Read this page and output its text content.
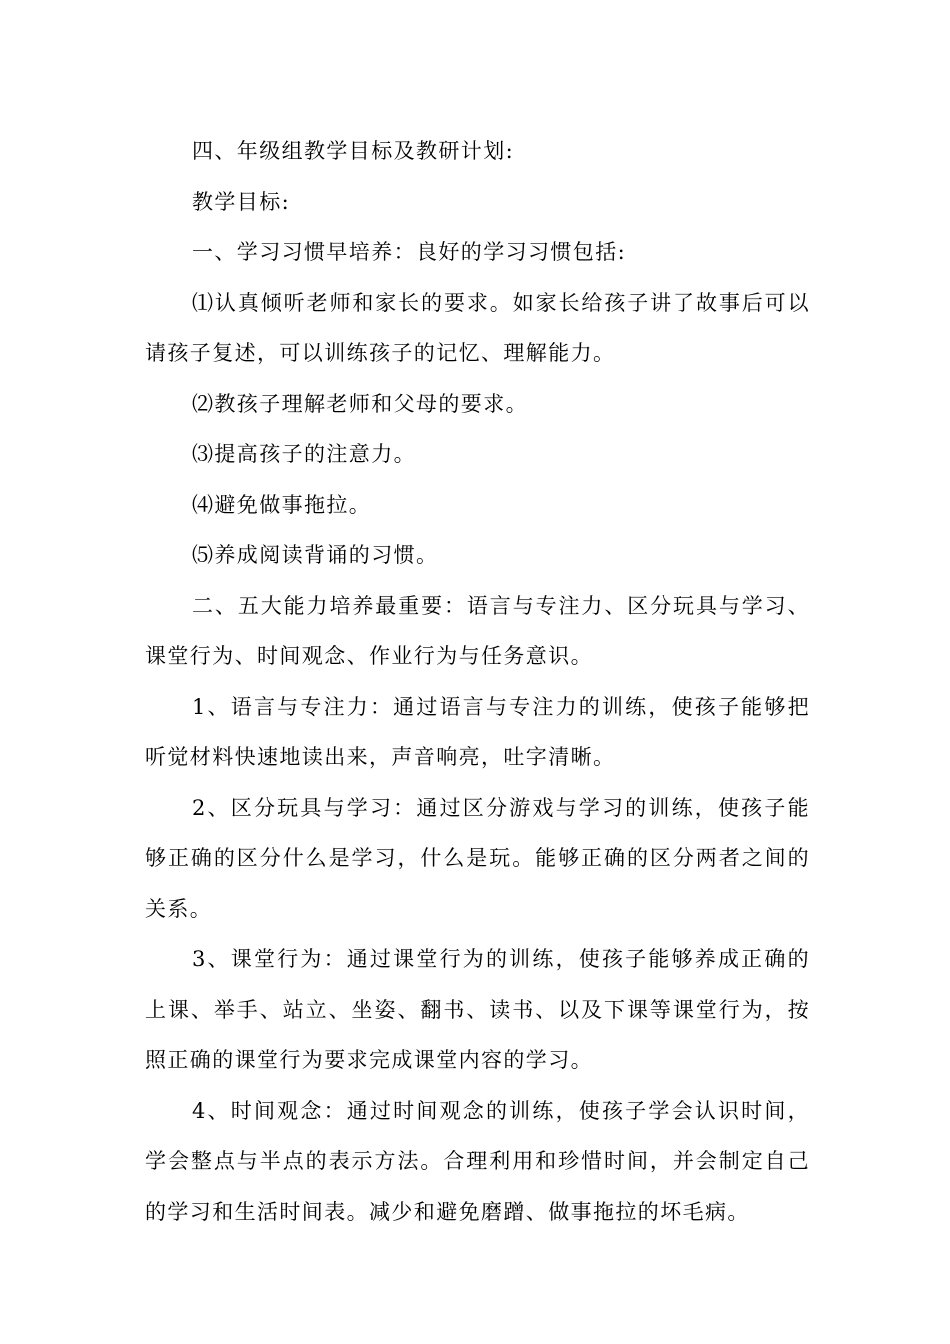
四、年级组教学目标及教研计划:

教学目标:

一、学习习惯早培养：良好的学习习惯包括:

⑴认真倾听老师和家长的要求。如家长给孩子讲了故事后可以请孩子复述，可以训练孩子的记忆、理解能力。

⑵教孩子理解老师和父母的要求。

⑶提高孩子的注意力。

⑷避免做事拖拉。

⑸养成阅读背诵的习惯。

二、五大能力培养最重要：语言与专注力、区分玩具与学习、课堂行为、时间观念、作业行为与任务意识。

1、语言与专注力：通过语言与专注力的训练，使孩子能够把听觉材料快速地读出来，声音响亮，吐字清晰。

2、区分玩具与学习：通过区分游戏与学习的训练，使孩子能够正确的区分什么是学习，什么是玩。能够正确的区分两者之间的关系。

3、课堂行为：通过课堂行为的训练，使孩子能够养成正确的上课、举手、站立、坐姿、翻书、读书、以及下课等课堂行为，按照正确的课堂行为要求完成课堂内容的学习。

4、时间观念：通过时间观念的训练，使孩子学会认识时间，学会整点与半点的表示方法。合理利用和珍惜时间，并会制定自己的学习和生活时间表。减少和避免磨蹭、做事拖拉的坏毛病。
